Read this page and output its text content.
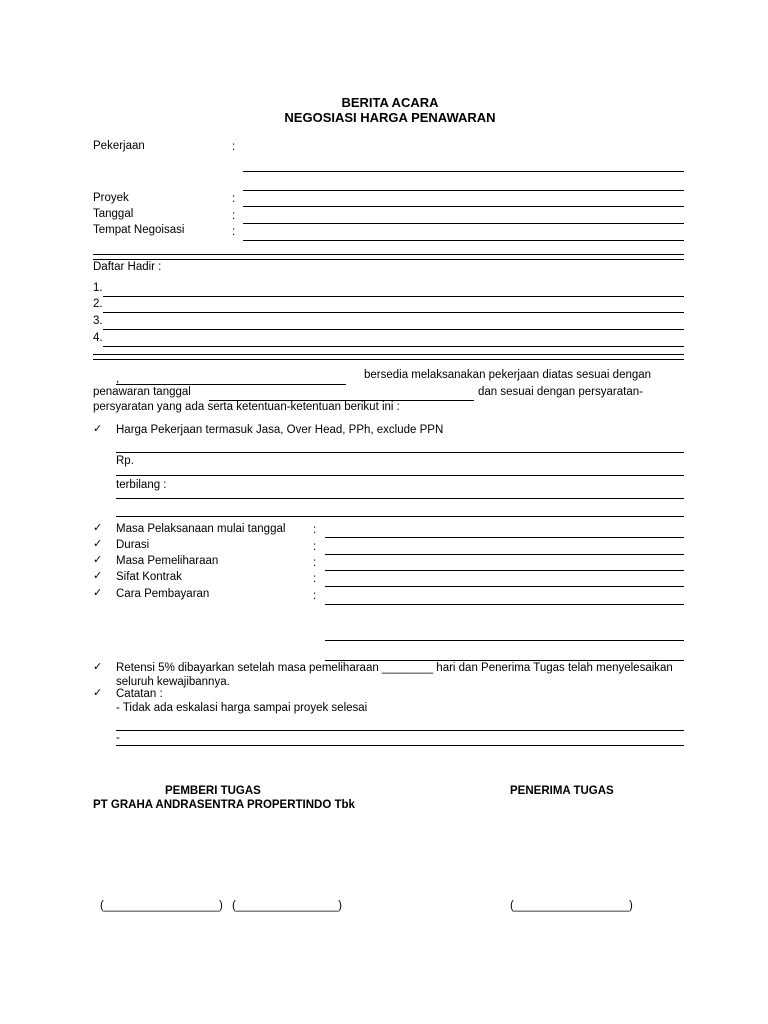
BERITA ACARA
NEGOSIASI HARGA PENAWARAN
Pekerjaan	:
Proyek	:
Tanggal	:
Tempat Negoisasi	:
Daftar Hadir :
1.
2.
3.
4.
,	bersedia melaksanakan pekerjaan diatas sesuai dengan
penawaran tanggal	dan sesuai dengan persyaratan-
persyaratan yang ada serta ketentuan-ketentuan berikut ini :
✓ Harga Pekerjaan termasuk Jasa, Over Head, PPh, exclude PPN
Rp.
terbilang :
✓ Masa Pelaksanaan mulai tanggal :
✓ Durasi	:
✓ Masa Pemeliharaan	:
✓ Sifat Kontrak	:
✓ Cara Pembayaran	:
✓ Retensi 5% dibayarkan setelah masa pemeliharaan ________ hari dan Penerima Tugas telah menyelesaikan
seluruh kewajibannya.
✓ Catatan :
- Tidak ada eskalasi harga sampai proyek selesai
-
PEMBERI TUGAS
PT GRAHA ANDRASENTRA PROPERTINDO Tbk
PENERIMA TUGAS
(__________________) (________________)	(__________________)
